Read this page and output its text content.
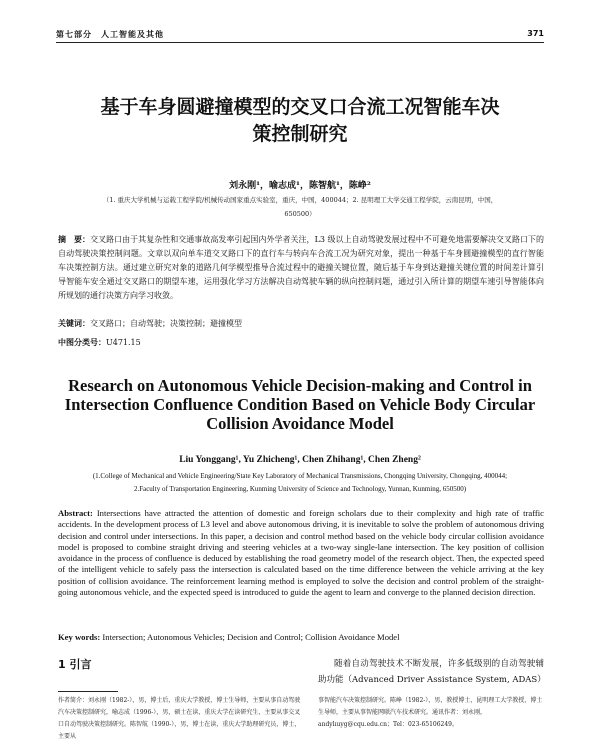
第七部分　人工智能及其他	371
基于车身圆避撞模型的交叉口合流工况智能车决
策控制研究
刘永刚¹，喻志成¹，陈智航¹，陈峥²
（1. 重庆大学机械与运载工程学院/机械传动国家重点实验室，重庆，中国，400044；2. 昆明理工大学交通工程学院，云南昆明，中国，
650500）
摘　要：交叉路口由于其复杂性和交通事故高发率引起国内外学者关注，L3 级以上自动驾驶发展过程中不可避免地需要解决交叉路口下的自动驾驶决策控制问题。文章以双向单车道交叉路口下的直行车与转向车合流工况为研究对象，提出一种基于车身圆避撞模型的直行智能车决策控制方法。通过建立研究对象的道路几何学模型推导合流过程中的避撞关键位置，随后基于车身到达避撞关键位置的时间差计算引导智能车安全通过交叉路口的期望车速，运用强化学习方法解决自动驾驶车辆的纵向控制问题，通过引入所计算的期望车速引导智能体向所规划的通行决策方向学习收敛。
关键词：交叉路口；自动驾驶；决策控制；避撞模型
中图分类号：U471.15
Research on Autonomous Vehicle Decision-making and Control in
Intersection Confluence Condition Based on Vehicle Body Circular
Collision Avoidance Model
Liu Yonggang¹, Yu Zhicheng¹, Chen Zhihang¹, Chen Zheng²
(1.College of Mechanical and Vehicle Engineering/State Key Laboratory of Mechanical Transmissions, Chongqing University, Chongqing, 400044;
2.Faculty of Transportation Engineering, Kunming University of Science and Technology, Yunnan, Kunming, 650500)
Abstract: Intersections have attracted the attention of domestic and foreign scholars due to their complexity and high rate of traffic accidents. In the development process of L3 level and above autonomous driving, it is inevitable to solve the problem of autonomous driving decision and control under intersections. In this paper, a decision and control method based on the vehicle body circular collision avoidance model is proposed to combine straight driving and steering vehicles at a two-way single-lane intersection. The key position of collision avoidance in the process of confluence is deduced by establishing the road geometry model of the research object. Then, the expected speed of the intelligent vehicle to safely pass the intersection is calculated based on the time difference between the vehicle arriving at the key position of collision avoidance. The reinforcement learning method is employed to solve the decision and control problem of the straight-going autonomous vehicle, and the expected speed is introduced to guide the agent to learn and converge to the planned decision direction.
Key words: Intersection; Autonomous Vehicles; Decision and Control; Collision Avoidance Model
1 引言	随着自动驾驶技术不断发展，许多低级别的自动驾驶辅助功能（Advanced Driver Assistance System, ADAS）
作者简介：刘永刚（1982-），男，博士后，重庆大学教授，博士生导师，主要从事自动驾驶汽车决策控制研究，喻志成（1996-），男，硕士在读，重庆大学在读研究生，主要从事交叉口自动驾驶决策控制研究。陈智航（1990-），男，博士在读，重庆大学助理研究员，博士，主要从
事智能汽车决策控制研究。陈峥（1982-），男，教授博士，昆明理工大学教授，博士生导师，主要从事智能网联汽车技术研究。通讯作者：刘永刚，andylıuyg@cqu.edu.cn；Tel：023-65106249。
